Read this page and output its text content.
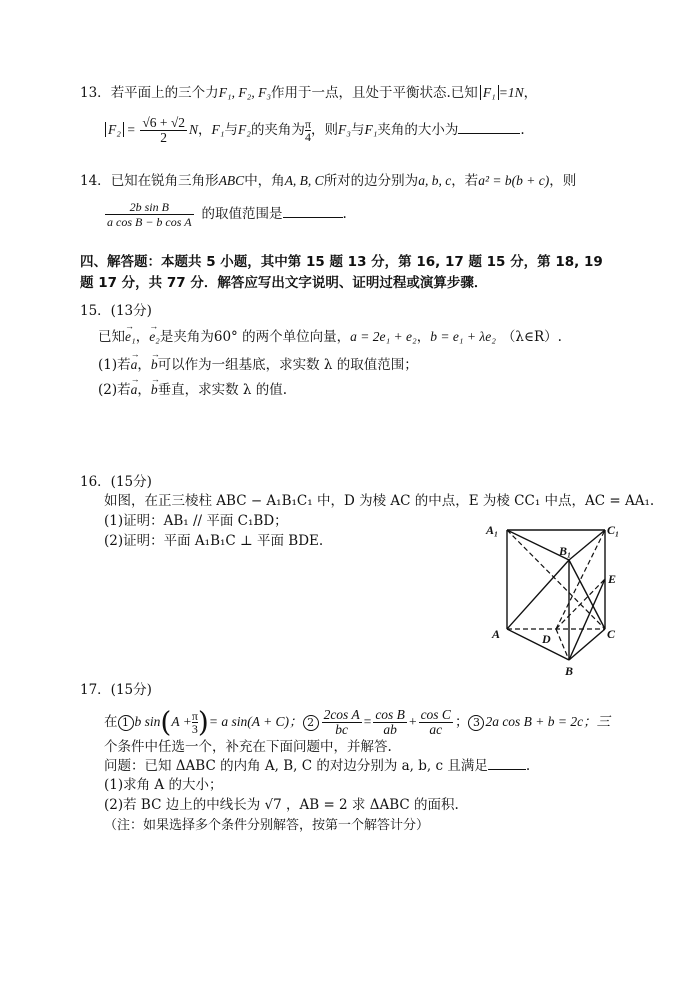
13．若平面上的三个力F₁, F₂, F₃作用于一点，且处于平衡状态.已知 F₁ =1N，
$F_2 = \frac{√6 + √2}{2}$ N，F₁与F₂的夹角为 $\frac{\pi}{4}$，则F₃与F₁夹角的大小为	.
14．已知在锐角三角形ABC中，角A, B, C所对的边分别为a, b, c，若a² = b(b + c)，则
$\frac{\text{2b sin B}}{\text{a cos B − b cos A}}$ 的取值范围是	.
四、解答题：本题共 5 小题，其中第 15 题 13 分，第 16, 17 题 15 分，第 18, 19
题 17 分，共 77 分．解答应写出文字说明、证明过程或演算步骤．
15．(13分)
已知→ e₁，→ e₂是夹角为60° 的两个单位向量，a = 2e₁ + e₂，b = e₁ + λe₂ （λ∈R）.
(1)若→ a，→ b可以作为一组基底，求实数 λ 的取值范围；
(2)若→ a，→ b垂直，求实数 λ 的值.
16．(15分)
如图，在正三棱柱 ABC − A₁B₁C₁ 中，D 为棱 AC 的中点，E 为棱 CC₁ 中点，AC = AA₁.
(1)证明：AB₁ // 平面 C₁BD；
(2)证明：平面 A₁B₁C ⊥ 平面 BDE.
A₁
B₁
C₁
E
A	D	C
B
17．(15分)
在 1 b $\sin(A + \frac{\pi}{3})= a$ sin(A + C)； $2 \frac{\text{2cos A}}{bc} = \frac{\text{cos B}}{ab} + \frac{\text{cos C}}{ac}$ ； 3 2a cos B + b = 2c；三
个条件中任选一个，补充在下面问题中，并解答.
问题：已知 ΔABC 的内角 A, B, C 的对边分别为 a, b, c 且满足	.
(1)求角 A 的大小；
(2)若 BC 边上的中线长为 √7 ，AB = 2 求 ΔABC 的面积.
（注：如果选择多个条件分别解答，按第一个解答计分）
